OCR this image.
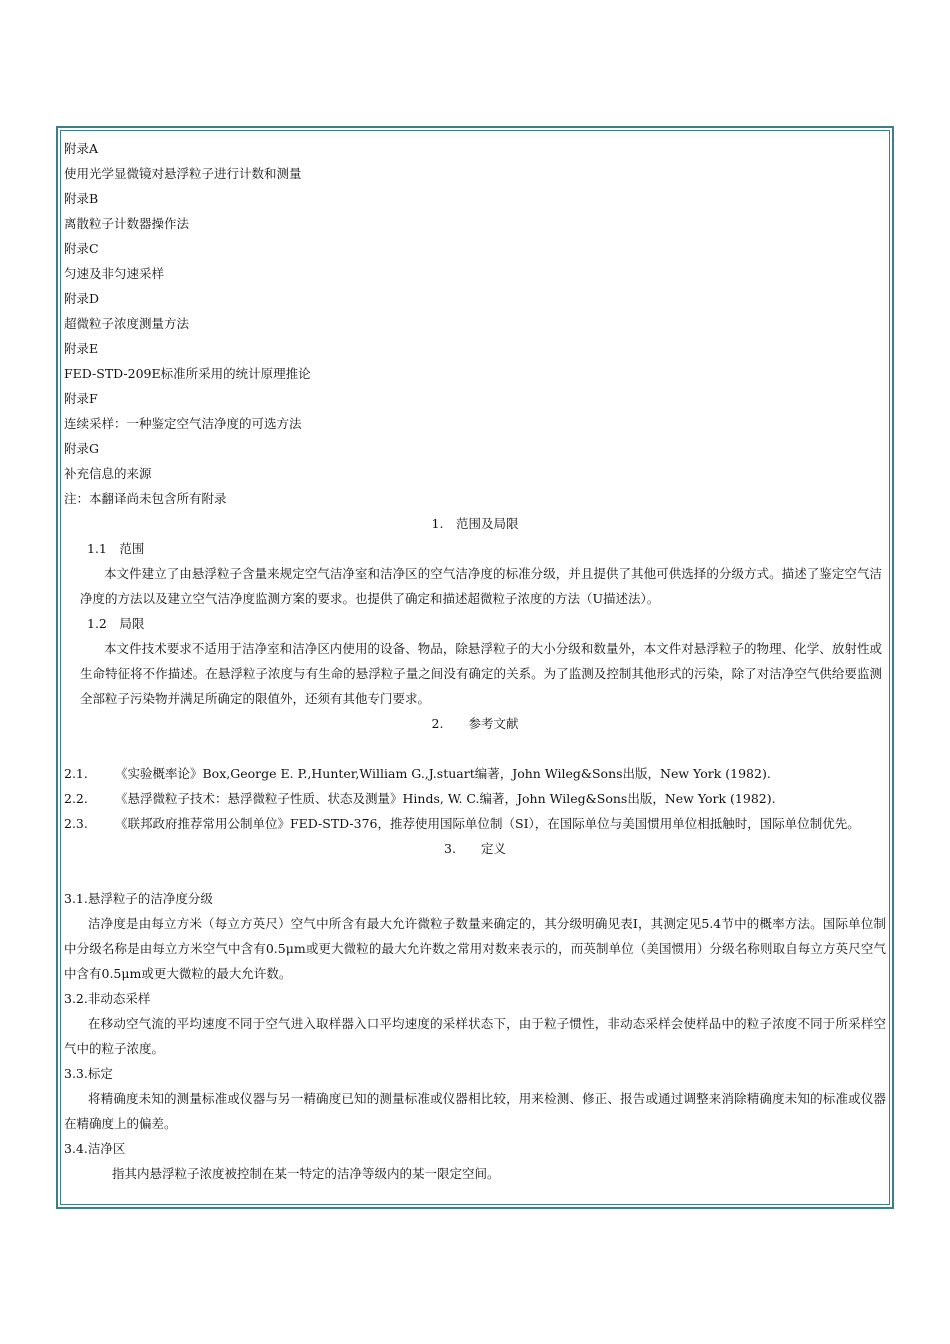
附录A
使用光学显微镜对悬浮粒子进行计数和测量
附录B
离散粒子计数器操作法
附录C
匀速及非匀速采样
附录D
超微粒子浓度测量方法
附录E
FED-STD-209E标准所采用的统计原理推论
附录F
连续采样：一种鉴定空气洁净度的可选方法
附录G
补充信息的来源
注：本翻译尚未包含所有附录
1.　范围及局限
1.1　范围
本文件建立了由悬浮粒子含量来规定空气洁净室和洁净区的空气洁净度的标准分级，并且提供了其他可供选择的分级方式。描述了鉴定空气洁净度的方法以及建立空气洁净度监测方案的要求。也提供了确定和描述超微粒子浓度的方法（U描述法）。
1.2　局限
本文件技术要求不适用于洁净室和洁净区内使用的设备、物品，除悬浮粒子的大小分级和数量外，本文件对悬浮粒子的物理、化学、放射性或生命特征将不作描述。在悬浮粒子浓度与有生命的悬浮粒子量之间没有确定的关系。为了监测及控制其他形式的污染，除了对洁净空气供给要监测全部粒子污染物并满足所确定的限值外，还须有其他专门要求。
2.　　参考文献
2.1.	《实验概率论》Box,George E. P.,Hunter,William G.,J.stuart编著，John Wileg&Sons出版，New York (1982).
2.2.	《悬浮微粒子技术：悬浮微粒子性质、状态及测量》Hinds, W. C.编著，John Wileg&Sons出版，New York (1982).
2.3.	《联邦政府推荐常用公制单位》FED-STD-376，推荐使用国际单位制（SI），在国际单位与美国惯用单位相抵触时，国际单位制优先。
3.　　定义
3.1.悬浮粒子的洁净度分级
洁净度是由每立方米（每立方英尺）空气中所含有最大允许微粒子数量来确定的，其分级明确见表Ⅰ，其测定见5.4节中的概率方法。国际单位制中分级名称是由每立方米空气中含有0.5μm或更大微粒的最大允许数之常用对数来表示的，而英制单位（美国惯用）分级名称则取自每立方英尺空气中含有0.5μm或更大微粒的最大允许数。
3.2.非动态采样
在移动空气流的平均速度不同于空气进入取样器入口平均速度的采样状态下，由于粒子惯性，非动态采样会使样品中的粒子浓度不同于所采样空气中的粒子浓度。
3.3.标定
将精确度未知的测量标准或仪器与另一精确度已知的测量标准或仪器相比较，用来检测、修正、报告或通过调整来消除精确度未知的标准或仪器在精确度上的偏差。
3.4.洁净区
指其内悬浮粒子浓度被控制在某一特定的洁净等级内的某一限定空间。
